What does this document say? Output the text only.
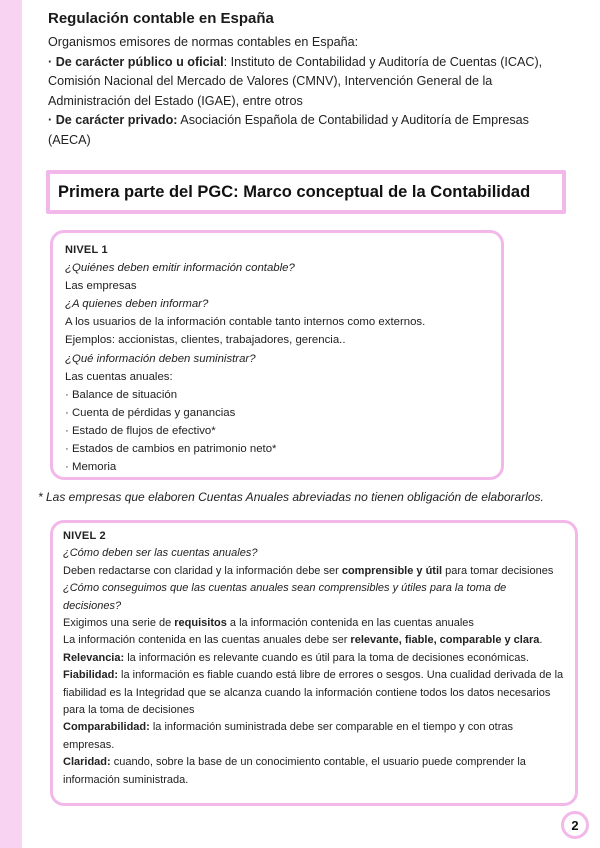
Regulación contable en España

Organismos emisores de normas contables en España:

· De carácter público u oficial: Instituto de Contabilidad y Auditoría de Cuentas (ICAC),

Comisión Nacional del Mercado de Valores (CMNV), Intervención General de la

Administración del Estado (IGAE), entre otros

· De carácter privado: Asociación Española de Contabilidad y Auditoría de Empresas

(AECA)

Primera parte del PGC: Marco conceptual de la Contabilidad

NIVEL 1

¿Quiénes deben emitir información contable?

Las empresas

¿A quienes deben informar?

A los usuarios de la información contable tanto internos como externos.

Ejemplos: accionistas, clientes, trabajadores, gerencia..

¿Qué información deben suministrar?

Las cuentas anuales:

· Balance de situación

· Cuenta de pérdidas y ganancias

· Estado de flujos de efectivo*

· Estados de cambios en patrimonio neto*

· Memoria

* Las empresas que elaboren Cuentas Anuales abreviadas no tienen obligación de elaborarlos.

NIVEL 2

¿Cómo deben ser las cuentas anuales?

Deben redactarse con claridad y la información debe ser comprensible y útil para tomar decisiones

¿Cómo conseguimos que las cuentas anuales sean comprensibles y útiles para la toma de decisiones?

Exigimos una serie de requisitos a la información contenida en las cuentas anuales

La información contenida en las cuentas anuales debe ser relevante, fiable, comparable y clara.

Relevancia: la información es relevante cuando es útil para la toma de decisiones económicas.

Fiabilidad: la información es fiable cuando está libre de errores o sesgos. Una cualidad derivada de la fiabilidad es la Integridad que se alcanza cuando la información contiene todos los datos necesarios para la toma de decisiones

Comparabilidad: la información suministrada debe ser comparable en el tiempo y con otras empresas.

Claridad: cuando, sobre la base de un conocimiento contable, el usuario puede comprender la información suministrada.

2
